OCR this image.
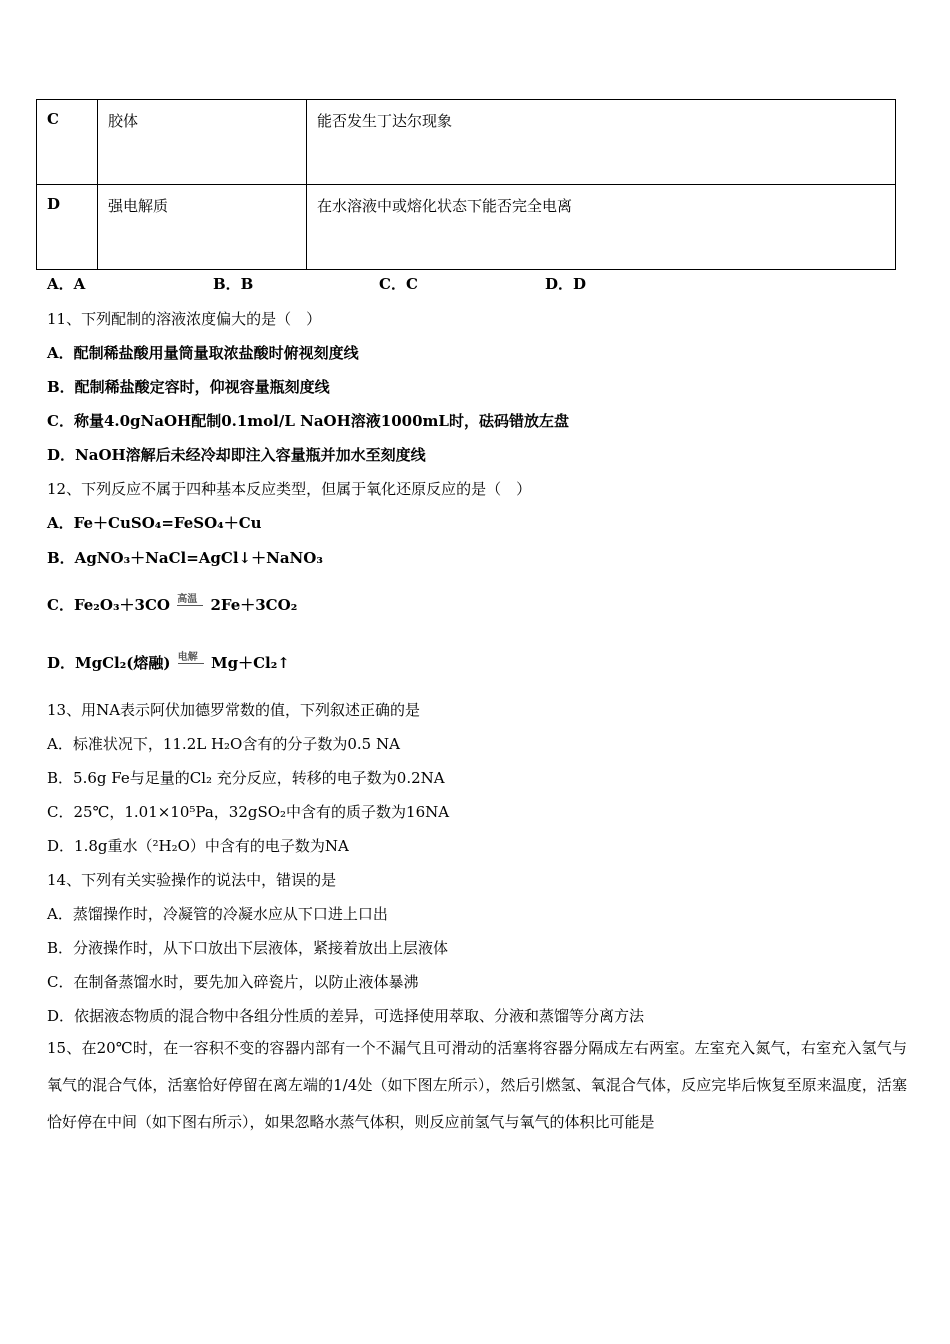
C	胶体	能否发生丁达尔现象
D	强电解质	在水溶液中或熔化状态下能否完全电离
A．A	B．B	C．C	D．D
11、下列配制的溶液浓度偏大的是（　）
A．配制稀盐酸用量筒量取浓盐酸时俯视刻度线
B．配制稀盐酸定容时，仰视容量瓶刻度线
C．称量4.0gNaOH配制0.1mol/L NaOH溶液1000mL时，砝码错放左盘
D．NaOH溶解后未经冷却即注入容量瓶并加水至刻度线
12、下列反应不属于四种基本反应类型，但属于氧化还原反应的是（　）
A．Fe＋CuSO₄=FeSO₄＋Cu
B．AgNO₃＋NaCl=AgCl↓＋NaNO₃
C．Fe₂O₃＋3CO 高温 2Fe＋3CO₂
D．MgCl₂(熔融) 电解 Mg＋Cl₂↑
13、用NA表示阿伏加德罗常数的值，下列叙述正确的是
A．标准状况下，11.2L H₂O含有的分子数为0.5 NA
B．5.6g Fe与足量的Cl₂ 充分反应，转移的电子数为0.2NA
C．25℃，1.01×10⁵Pa，32gSO₂中含有的质子数为16NA
D．1.8g重水（²H₂O）中含有的电子数为NA
14、下列有关实验操作的说法中，错误的是
A．蒸馏操作时，冷凝管的冷凝水应从下口进上口出
B．分液操作时，从下口放出下层液体，紧接着放出上层液体
C．在制备蒸馏水时，要先加入碎瓷片，以防止液体暴沸
D．依据液态物质的混合物中各组分性质的差异，可选择使用萃取、分液和蒸馏等分离方法
15、在20℃时，在一容积不变的容器内部有一个不漏气且可滑动的活塞将容器分隔成左右两室。左室充入氮气，右室充入氢气与氧气的混合气体，活塞恰好停留在离左端的1/4处（如下图左所示），然后引燃氢、氧混合气体，反应完毕后恢复至原来温度，活塞恰好停在中间（如下图右所示），如果忽略水蒸气体积，则反应前氢气与氧气的体积比可能是
